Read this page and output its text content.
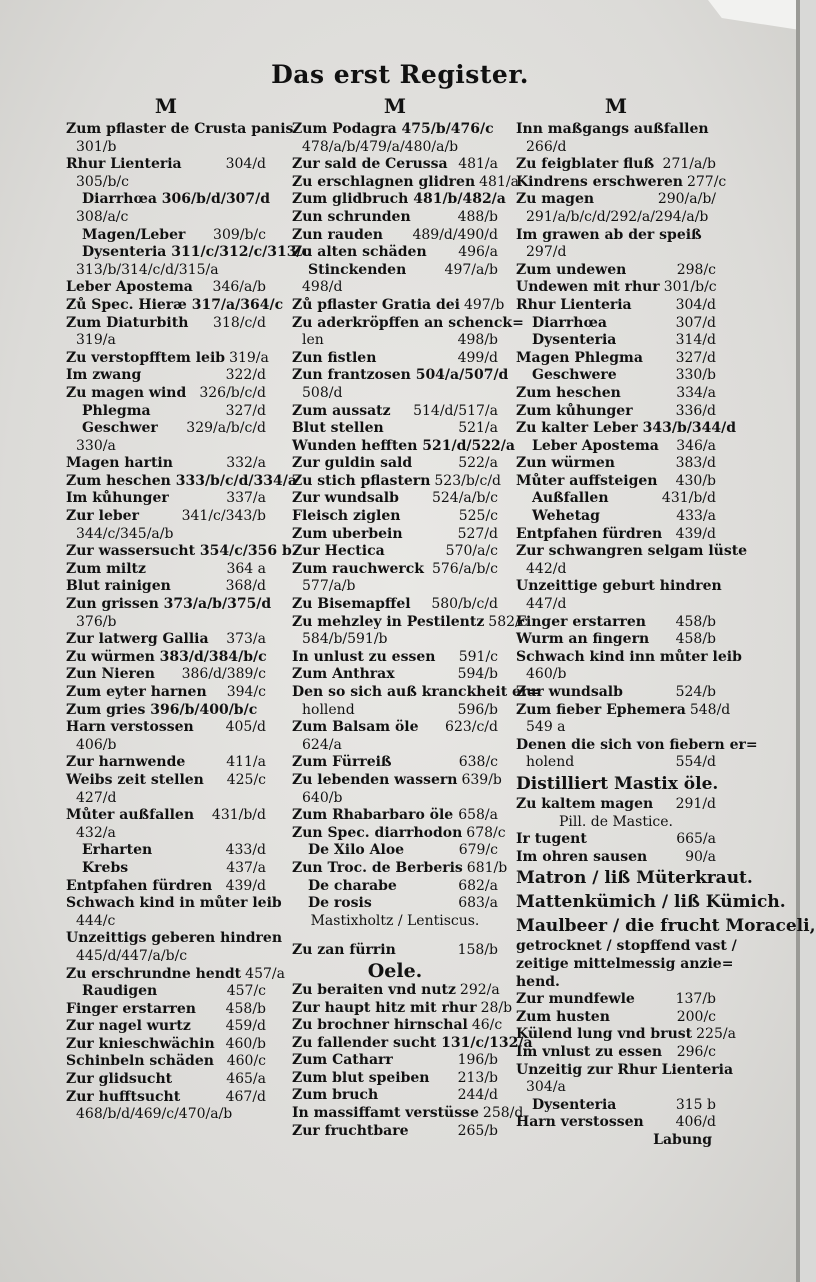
Das erst Register.
M
Zum pflaster de Crusta panis
301/b
Rhur Lienteria	304/d
305/b/c
Diarrhœa 306/b/d/307/d
308/a/c
Magen/Leber 309/b/c
Dysenteria 311/c/312/c/313/c
313/b/314/c/d/315/a
Leber Apostema 346/a/b
Zů Spec. Hieræ 317/a/364/c
Zum Diaturbith 318/c/d
319/a
Zu verstopfftem leib 319/a
Im zwang	322/d
Zu magen wind 326/b/c/d
Phlegma	327/d
Geschwer 329/a/b/c/d
330/a
Magen hartin	332/a
Zum heschen 333/b/c/d/334/a
Im kůhunger	337/a
Zur leber	341/c/343/b
344/c/345/a/b
Zur wassersucht 354/c/356 b
Zum miltz	364 a
Blut rainigen	368/d
Zun grissen 373/a/b/375/d
376/b
Zur latwerg Gallia 373/a
Zu würmen 383/d/384/b/c
Zun Nieren 386/d/389/c
Zum eyter harnen 394/c
Zum gries 396/b/400/b/c
Harn verstossen 405/d
406/b
Zur harnwende	411/a
Weibs zeit stellen 425/c
427/d
Můter außfallen 431/b/d
432/a
Erharten	433/d
Krebs	437/a
Entpfahen fürdren 439/d
Schwach kind in můter leib
444/c
Unzeittigs geberen hindren
445/d/447/a/b/c
Zu erschrundne hendt 457/a
Raudigen	457/c
Finger erstarren 458/b
Zur nagel wurtz 459/d
Zur knieschwächin 460/b
Schinbeln schäden 460/c
Zur glidsucht	465/a
Zur hufftsucht	467/d
468/b/d/469/c/470/a/b
M
Zum Podagra 475/b/476/c
478/a/b/479/a/480/a/b
Zur sald de Cerussa 481/a
Zu erschlagnen glidren 481/a
Zum glidbruch 481/b/482/a
Zun schrunden	488/b
Zun rauden 489/d/490/d
Zu alten schäden 496/a
Stinckenden	497/a/b
498/d
Zů pflaster Gratia dei 497/b
Zu aderkröpffen an schenck=
len	498/b
Zun fistlen	499/d
Zun frantzosen 504/a/507/d
508/d
Zum aussatz 514/d/517/a
Blut stellen	521/a
Wunden hefften 521/d/522/a
Zur guldin sald	522/a
Zu stich pflastern 523/b/c/d
Zur wundsalb 524/a/b/c
Fleisch ziglen	525/c
Zum uberbein	527/d
Zur Hectica	570/a/c
Zum rauchwerck 576/a/b/c
577/a/b
Zu Bisemapffel 580/b/c/d
Zu mehzley in Pestilentz 582/c
584/b/591/b
In unlust zu essen 591/c
Zum Anthrax	594/b
Den so sich auß kranckheit er=
hollend	596/b
Zum Balsam öle 623/c/d
624/a
Zum Fürreiß	638/c
Zu lebenden wassern 639/b
640/b
Zum Rhabarbaro öle 658/a
Zun Spec. diarrhodon 678/c
De Xilo Aloe	679/c
Zun Troc. de Berberis 681/b
De charabe	682/a
De rosis	683/a
Mastixholtz / Lentiscus.
Zu zan fürrin	158/b
Oele.
Zu beraiten vnd nutz 292/a
Zur haupt hitz mit rhur 28/b
Zu brochner hirnschal 46/c
Zu fallender sucht 131/c/132/a
Zum Catharr	196/b
Zum blut speiben 213/b
Zum bruch	244/d
In massiffamt verstüsse 258/d
Zur fruchtbare	265/b
M
Inn maßgangs außfallen
266/d
Zu feigblater fluß 271/a/b
Kindrens erschweren 277/c
Zu magen	290/a/b/
291/a/b/c/d/292/a/294/a/b
Im grawen ab der speiß
297/d
Zum undewen	298/c
Undewen mit rhur 301/b/c
Rhur Lienteria	304/d
Diarrhœa	307/d
Dysenteria	314/d
Magen Phlegma 327/d
Geschwere	330/b
Zum heschen	334/a
Zum kůhunger	336/d
Zu kalter Leber 343/b/344/d
Leber Apostema 346/a
Zun würmen	383/d
Můter auffsteigen 430/b
Außfallen	431/b/d
Wehetag	433/a
Entpfahen fürdren 439/d
Zur schwangren selgam lüste
442/d
Unzeittige geburt hindren
447/d
Finger erstarren 458/b
Wurm an fingern 458/b
Schwach kind inn můter leib
460/b
Zur wundsalb	524/b
Zum fieber Ephemera 548/d
549 a
Denen die sich von fiebern er=
holend	554/d
Distilliert Mastix öle.
Zu kaltem magen 291/d
Pill. de Mastice.
Ir tugent	665/a
Im ohren sausen	90/a
Matron / liß Müterkraut.
Mattenkümich / liß Kümich.
Maulbeer / die frucht Moraceli,
getrocknet / stopffend vast /
zeitige mittelmessig anzie=
hend.
Zur mundfewle	137/b
Zum husten	200/c
Külend lung vnd brust 225/a
Im vnlust zu essen 296/c
Unzeitig zur Rhur Lienteria
304/a
Dysenteria	315 b
Harn verstossen 406/d
Labung
